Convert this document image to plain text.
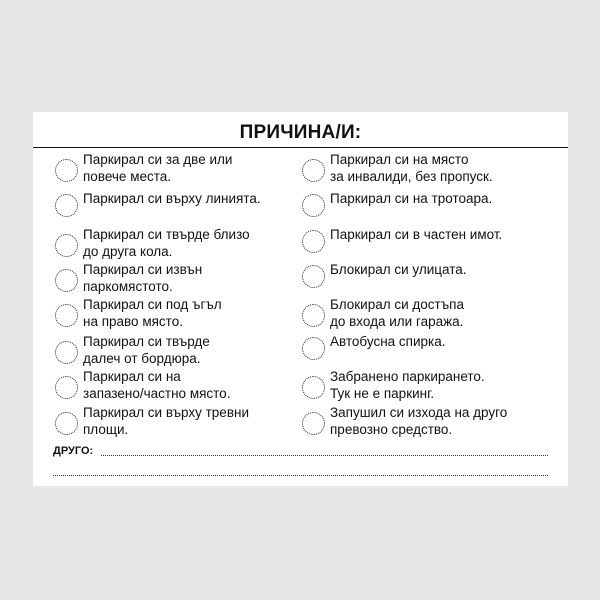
ПРИЧИНА/И:
Паркирал си за две или
повече места.
Паркирал си върху линията.
Паркирал си твърде близо
до друга кола.
Паркирал си извън
паркомястото.
Паркирал си под ъгъл
на право място.
Паркирал си твърде
далеч от бордюра.
Паркирал си на
запазено/частно място.
Паркирал си върху тревни
площи.
Паркирал си на място
за инвалиди, без пропуск.
Паркирал си на тротоара.
Паркирал си в частен имот.
Блокирал си улицата.
Блокирал си достъпа
до входа или гаража.
Автобусна спирка.
Забранено паркирането.
Тук не е паркинг.
Запушил си изхода на друго
превозно средство.
ДРУГО:
